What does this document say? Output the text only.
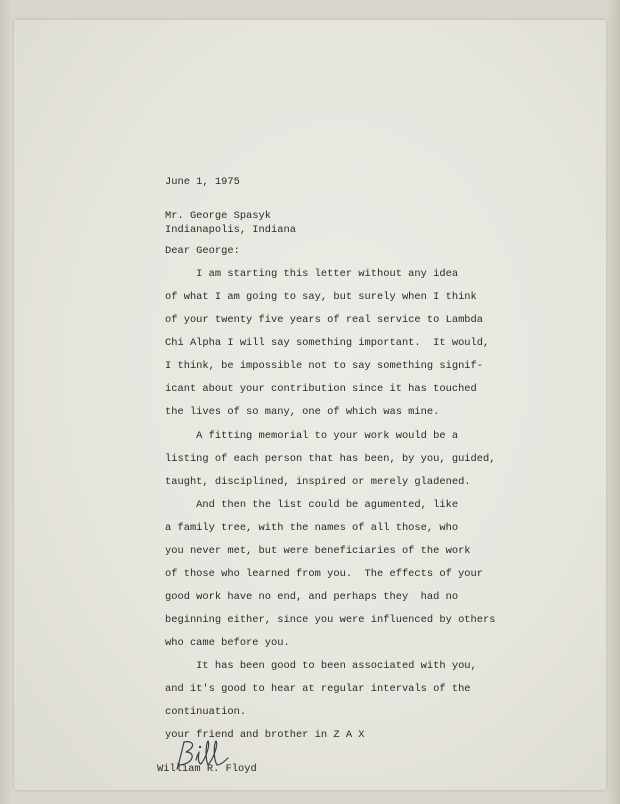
June 1, 1975

Mr. George Spasyk

Indianapolis, Indiana

Dear George:

I am starting this letter without any idea

of what I am going to say, but surely when I think

of your twenty five years of real service to Lambda

Chi Alpha I will say something important.  It would,

I think, be impossible not to say something signif-

icant about your contribution since it has touched

the lives of so many, one of which was mine.

A fitting memorial to your work would be a

listing of each person that has been, by you, guided,

taught, disciplined, inspired or merely gladened.

And then the list could be agumented, like

a family tree, with the names of all those, who

you never met, but were beneficiaries of the work

of those who learned from you.  The effects of your

good work have no end, and perhaps they  had no

beginning either, since you were influenced by others

who came before you.

It has been good to been associated with you,

and it's good to hear at regular intervals of the

continuation.

your friend and brother in Z A X

William R. Floyd
